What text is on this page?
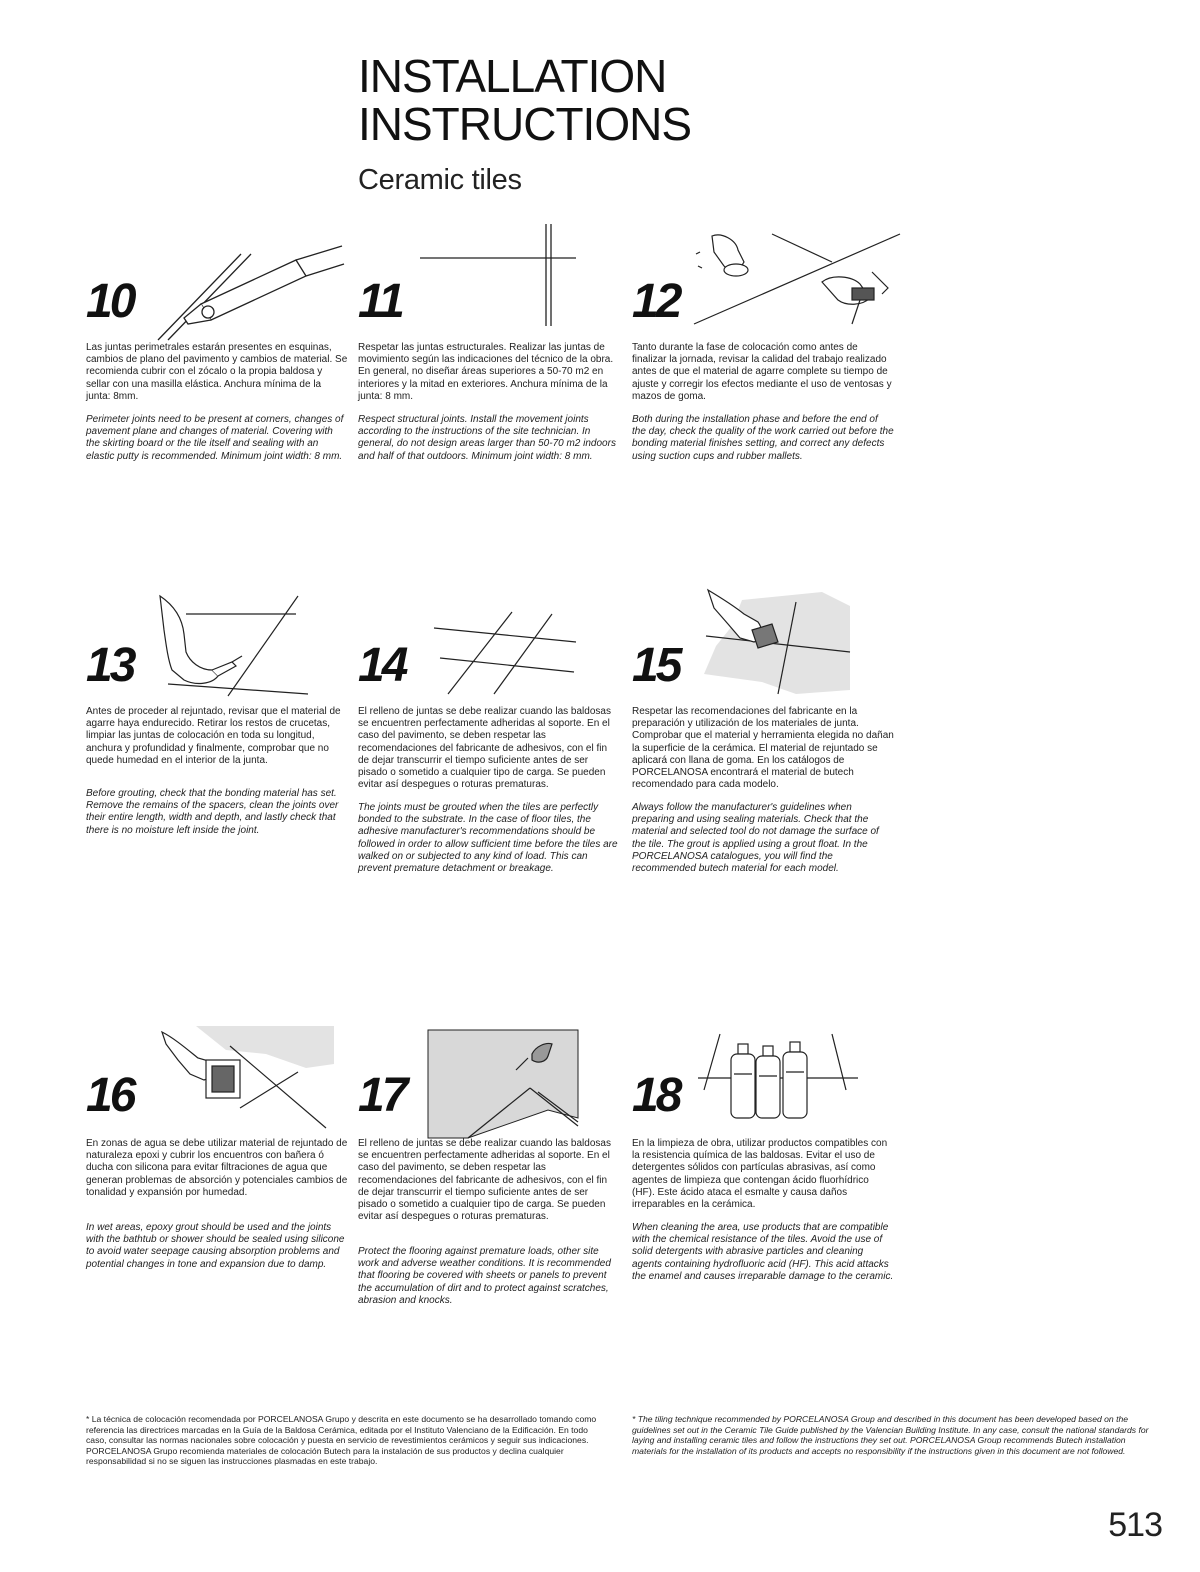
INSTALLATION
INSTRUCTIONS
Ceramic tiles
10

Las juntas perimetrales estarán presentes en esquinas, cambios de plano del pavimento y cambios de material. Se recomienda cubrir con el zócalo o la propia baldosa y sellar con una masilla elástica. Anchura mínima de la junta: 8mm.

Perimeter joints need to be present at corners, changes of pavement plane and changes of material. Covering with the skirting board or the tile itself and sealing with an elastic putty is recommended. Minimum joint width: 8 mm.

11

Respetar las juntas estructurales. Realizar las juntas de movimiento según las indicaciones del técnico de la obra. En general, no diseñar áreas superiores a 50-70 m2 en interiores y la mitad en exteriores. Anchura mínima de la junta: 8 mm.

Respect structural joints. Install the movement joints according to the instructions of the site technician. In general, do not design areas larger than 50-70 m2 indoors and half of that outdoors. Minimum joint width: 8 mm.

12

Tanto durante la fase de colocación como antes de finalizar la jornada, revisar la calidad del trabajo realizado antes de que el material de agarre complete su tiempo de ajuste y corregir los efectos mediante el uso de ventosas y mazos de goma.

Both during the installation phase and before the end of the day, check the quality of the work carried out before the bonding material finishes setting, and correct any defects using suction cups and rubber mallets.

13

Antes de proceder al rejuntado, revisar que el material de agarre haya endurecido. Retirar los restos de crucetas, limpiar las juntas de colocación en toda su longitud, anchura y profundidad y finalmente, comprobar que no quede humedad en el interior de la junta.

Before grouting, check that the bonding material has set. Remove the remains of the spacers, clean the joints over their entire length, width and depth, and lastly check that there is no moisture left inside the joint.

14

El relleno de juntas se debe realizar cuando las baldosas se encuentren perfectamente adheridas al soporte. En el caso del pavimento, se deben respetar las recomendaciones del fabricante de adhesivos, con el fin de dejar transcurrir el tiempo suficiente antes de ser pisado o sometido a cualquier tipo de carga. Se pueden evitar así despegues o roturas prematuras.

The joints must be grouted when the tiles are perfectly bonded to the substrate. In the case of floor tiles, the adhesive manufacturer's recommendations should be followed in order to allow sufficient time before the tiles are walked on or subjected to any kind of load. This can prevent premature detachment or breakage.

15

Respetar las recomendaciones del fabricante en la preparación y utilización de los materiales de junta. Comprobar que el material y herramienta elegida no dañan la superficie de la cerámica. El material de rejuntado se aplicará con llana de goma. En los catálogos de PORCELANOSA encontrará el material de butech recomendado para cada modelo.

Always follow the manufacturer's guidelines when preparing and using sealing materials. Check that the material and selected tool do not damage the surface of the tile. The grout is applied using a grout float. In the PORCELANOSA catalogues, you will find the recommended butech material for each model.

16

En zonas de agua se debe utilizar material de rejuntado de naturaleza epoxi y cubrir los encuentros con bañera ó ducha con silicona para evitar filtraciones de agua que generan problemas de absorción y potenciales cambios de tonalidad y expansión por humedad.

In wet areas, epoxy grout should be used and the joints with the bathtub or shower should be sealed using silicone to avoid water seepage causing absorption problems and potential changes in tone and expansion due to damp.

17

El relleno de juntas se debe realizar cuando las baldosas se encuentren perfectamente adheridas al soporte. En el caso del pavimento, se deben respetar las recomendaciones del fabricante de adhesivos, con el fin de dejar transcurrir el tiempo suficiente antes de ser pisado o sometido a cualquier tipo de carga. Se pueden evitar así despegues o roturas prematuras.

Protect the flooring against premature loads, other site work and adverse weather conditions. It is recommended that flooring be covered with sheets or panels to prevent the accumulation of dirt and to protect against scratches, abrasion and knocks.

18

En la limpieza de obra, utilizar productos compatibles con la resistencia química de las baldosas. Evitar el uso de detergentes sólidos con partículas abrasivas, así como agentes de limpieza que contengan ácido fluorhídrico (HF). Este ácido ataca el esmalte y causa daños irreparables en la cerámica.

When cleaning the area, use products that are compatible with the chemical resistance of the tiles. Avoid the use of solid detergents with abrasive particles and cleaning agents containing hydrofluoric acid (HF). This acid attacks the enamel and causes irreparable damage to the ceramic.

* La técnica de colocación recomendada por PORCELANOSA Grupo y descrita en este documento se ha desarrollado tomando como referencia las directrices marcadas en la Guía de la Baldosa Cerámica, editada por el Instituto Valenciano de la Edificación. En todo caso, consultar las normas nacionales sobre colocación y puesta en servicio de revestimientos cerámicos y seguir sus indicaciones. PORCELANOSA Grupo recomienda materiales de colocación Butech para la instalación de sus productos y declina cualquier responsabilidad si no se siguen las instrucciones plasmadas en este trabajo.

* The tiling technique recommended by PORCELANOSA Group and described in this document has been developed based on the guidelines set out in the Ceramic Tile Guide published by the Valencian Building Institute. In any case, consult the national standards for laying and installing ceramic tiles and follow the instructions they set out. PORCELANOSA Group recommends Butech installation materials for the installation of its products and accepts no responsibility if the instructions given in this document are not followed.

513
